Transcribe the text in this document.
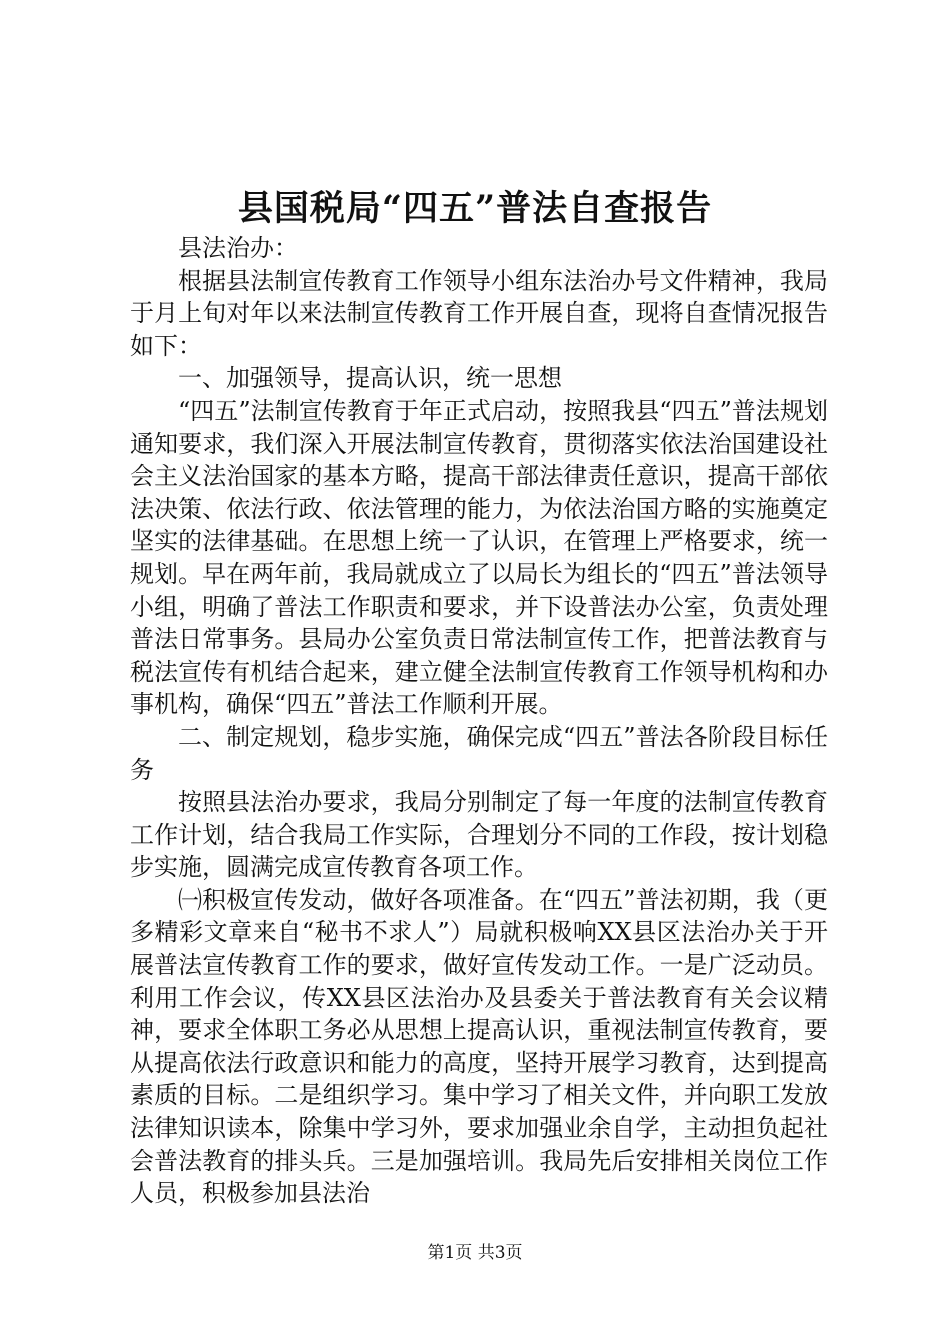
县国税局“四五”普法自查报告

县法治办：

根据县法制宣传教育工作领导小组东法治办号文件精神，我局于月上旬对年以来法制宣传教育工作开展自查，现将自查情况报告如下：

一、加强领导，提高认识，统一思想

“四五”法制宣传教育于年正式启动，按照我县“四五”普法规划通知要求，我们深入开展法制宣传教育，贯彻落实依法治国建设社会主义法治国家的基本方略，提高干部法律责任意识，提高干部依法决策、依法行政、依法管理的能力，为依法治国方略的实施奠定坚实的法律基础。在思想上统一了认识，在管理上严格要求，统一规划。早在两年前，我局就成立了以局长为组长的“四五”普法领导小组，明确了普法工作职责和要求，并下设普法办公室，负责处理普法日常事务。县局办公室负责日常法制宣传工作，把普法教育与税法宣传有机结合起来，建立健全法制宣传教育工作领导机构和办事机构，确保“四五”普法工作顺利开展。

二、制定规划，稳步实施，确保完成“四五”普法各阶段目标任务

按照县法治办要求，我局分别制定了每一年度的法制宣传教育工作计划，结合我局工作实际，合理划分不同的工作段，按计划稳步实施，圆满完成宣传教育各项工作。

㈠积极宣传发动，做好各项准备。在“四五”普法初期，我（更多精彩文章来自“秘书不求人”）局就积极响XX县区法治办关于开展普法宣传教育工作的要求，做好宣传发动工作。一是广泛动员。利用工作会议，传XX县区法治办及县委关于普法教育有关会议精神，要求全体职工务必从思想上提高认识，重视法制宣传教育，要从提高依法行政意识和能力的高度，坚持开展学习教育，达到提高素质的目标。二是组织学习。集中学习了相关文件，并向职工发放法律知识读本，除集中学习外，要求加强业余自学，主动担负起社会普法教育的排头兵。三是加强培训。我局先后安排相关岗位工作人员，积极参加县法治

第1页 共3页
